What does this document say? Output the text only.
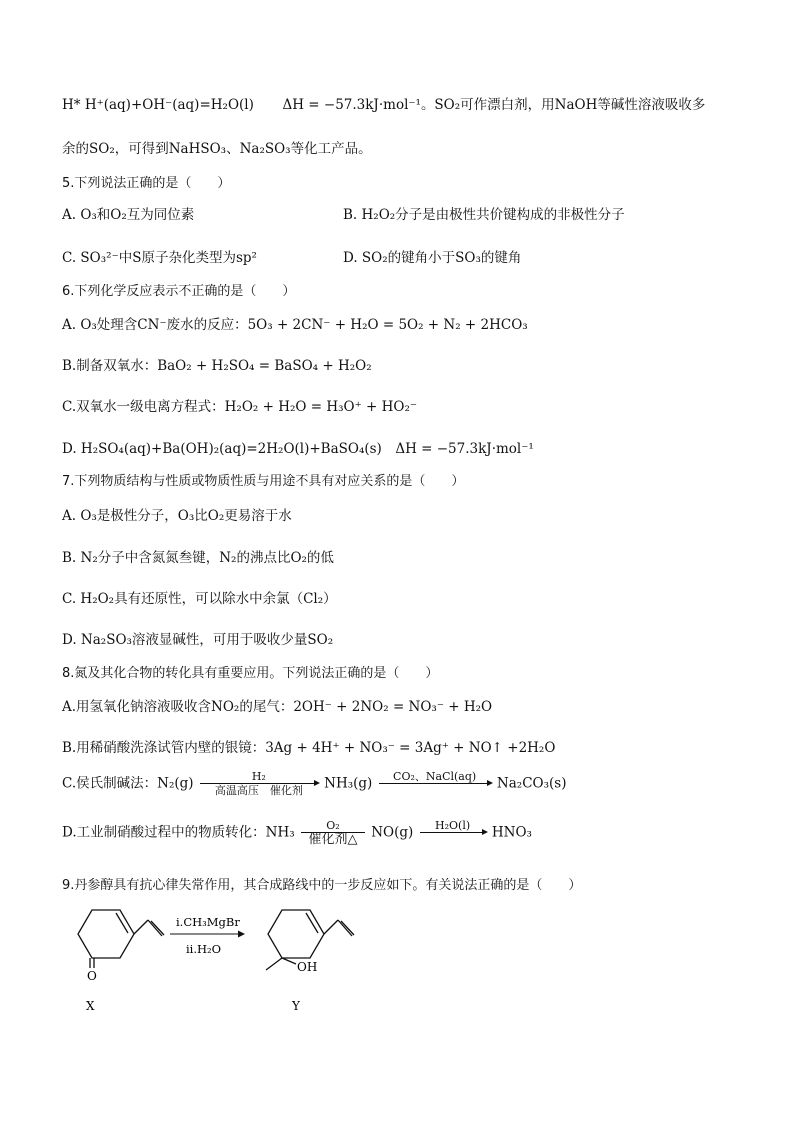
H* H⁺(aq)+OH⁻(aq)=H₂O(l) ΔH = −57.3kJ·mol⁻¹。SO₂可作漂白剂，用NaOH等碱性溶液吸收多
余的SO₂，可得到NaHSO₃、Na₂SO₃等化工产品。
5.下列说法正确的是（　　）
A. O₃和O₂互为同位素	B. H₂O₂分子是由极性共价键构成的非极性分子
C. SO₃²⁻中S原子杂化类型为sp²	D. SO₂的键角小于SO₃的键角
6.下列化学反应表示不正确的是（　　）
A. O₃处理含CN⁻废水的反应：5O₃ + 2CN⁻ + H₂O = 5O₂ + N₂ + 2HCO₃
B.制备双氧水：BaO₂ + H₂SO₄ = BaSO₄ + H₂O₂
C.双氧水一级电离方程式：H₂O₂ + H₂O = H₃O⁺ + HO₂⁻
D. H₂SO₄(aq)+Ba(OH)₂(aq)=2H₂O(l)+BaSO₄(s)　ΔH = −57.3kJ·mol⁻¹
7.下列物质结构与性质或物质性质与用途不具有对应关系的是（　　）
A. O₃是极性分子，O₃比O₂更易溶于水
B. N₂分子中含氮氮叁键，N₂的沸点比O₂的低
C. H₂O₂具有还原性，可以除水中余氯（Cl₂）
D. Na₂SO₃溶液显碱性，可用于吸收少量SO₂
8.氮及其化合物的转化具有重要应用。下列说法正确的是（　　）
A.用氢氧化钠溶液吸收含NO₂的尾气：2OH⁻ + 2NO₂ = NO₃⁻ + H₂O
B.用稀硝酸洗涤试管内壁的银镜：3Ag + 4H⁺ + NO₃⁻ = 3Ag⁺ + NO↑ +2H₂O
C.侯氏制碱法：N₂(g)	H₂
高温高压　催化剂	NH₃(g)	CO₂、NaCl(aq)
	Na₂CO₃(s)
D.工业制硝酸过程中的物质转化：NH₃	O₂
催化剂△	NO(g)	H₂O(l)
	HNO₃
9.丹参醇具有抗心律失常作用，其合成路线中的一步反应如下。有关说法正确的是（　　）
O
X
i.CH₃MgBr
ii.H₂O
OH
Y
